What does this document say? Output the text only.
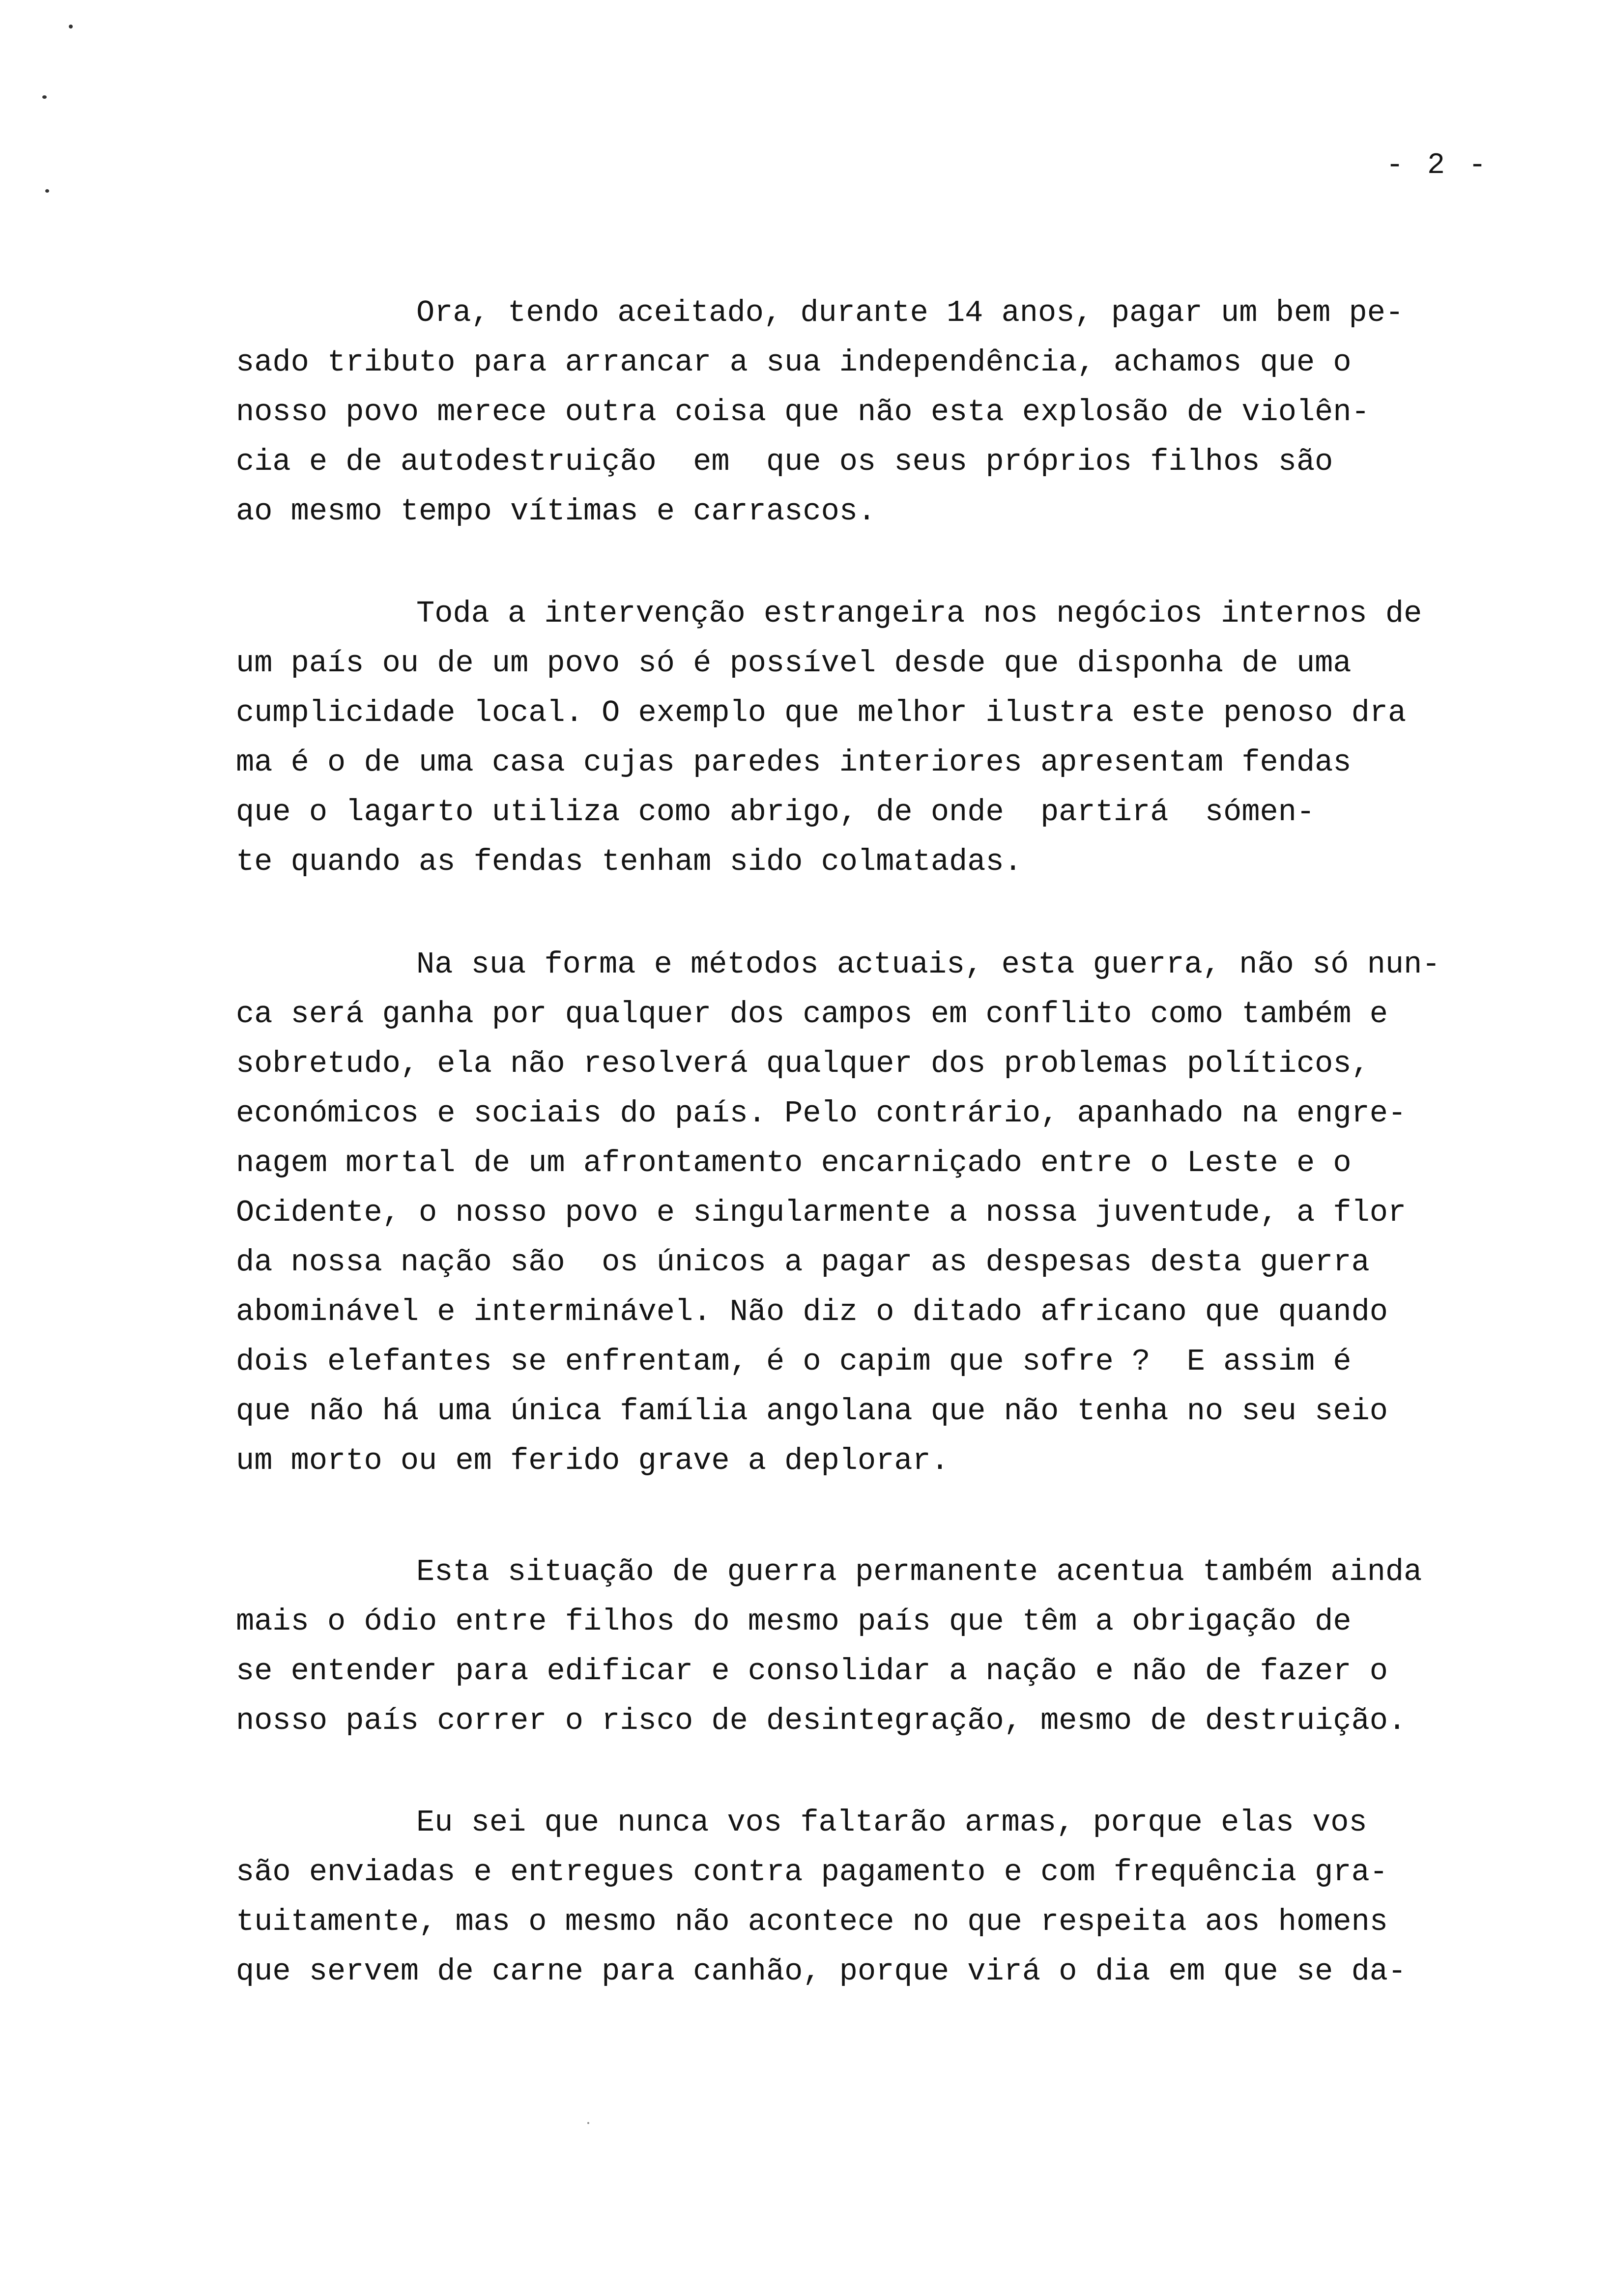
- 2 -
Ora, tendo aceitado, durante 14 anos, pagar um bem pe-
sado tributo para arrancar a sua independência, achamos que o
nosso povo merece outra coisa que não esta explosão de violên-
cia e de autodestruição  em  que os seus próprios filhos são
ao mesmo tempo vítimas e carrascos.
Toda a intervenção estrangeira nos negócios internos de
um país ou de um povo só é possível desde que disponha de uma
cumplicidade local. O exemplo que melhor ilustra este penoso dra
ma é o de uma casa cujas paredes interiores apresentam fendas
que o lagarto utiliza como abrigo, de onde  partirá  sómen-
te quando as fendas tenham sido colmatadas.
Na sua forma e métodos actuais, esta guerra, não só nun-
ca será ganha por qualquer dos campos em conflito como também e
sobretudo, ela não resolverá qualquer dos problemas políticos,
económicos e sociais do país. Pelo contrário, apanhado na engre-
nagem mortal de um afrontamento encarniçado entre o Leste e o
Ocidente, o nosso povo e singularmente a nossa juventude, a flor
da nossa nação são  os únicos a pagar as despesas desta guerra
abominável e interminável. Não diz o ditado africano que quando
dois elefantes se enfrentam, é o capim que sofre ?  E assim é
que não há uma única família angolana que não tenha no seu seio
um morto ou em ferido grave a deplorar.
Esta situação de guerra permanente acentua também ainda
mais o ódio entre filhos do mesmo país que têm a obrigação de
se entender para edificar e consolidar a nação e não de fazer o
nosso país correr o risco de desintegração, mesmo de destruição.
Eu sei que nunca vos faltarão armas, porque elas vos
são enviadas e entregues contra pagamento e com frequência gra-
tuitamente, mas o mesmo não acontece no que respeita aos homens
que servem de carne para canhão, porque virá o dia em que se da-
